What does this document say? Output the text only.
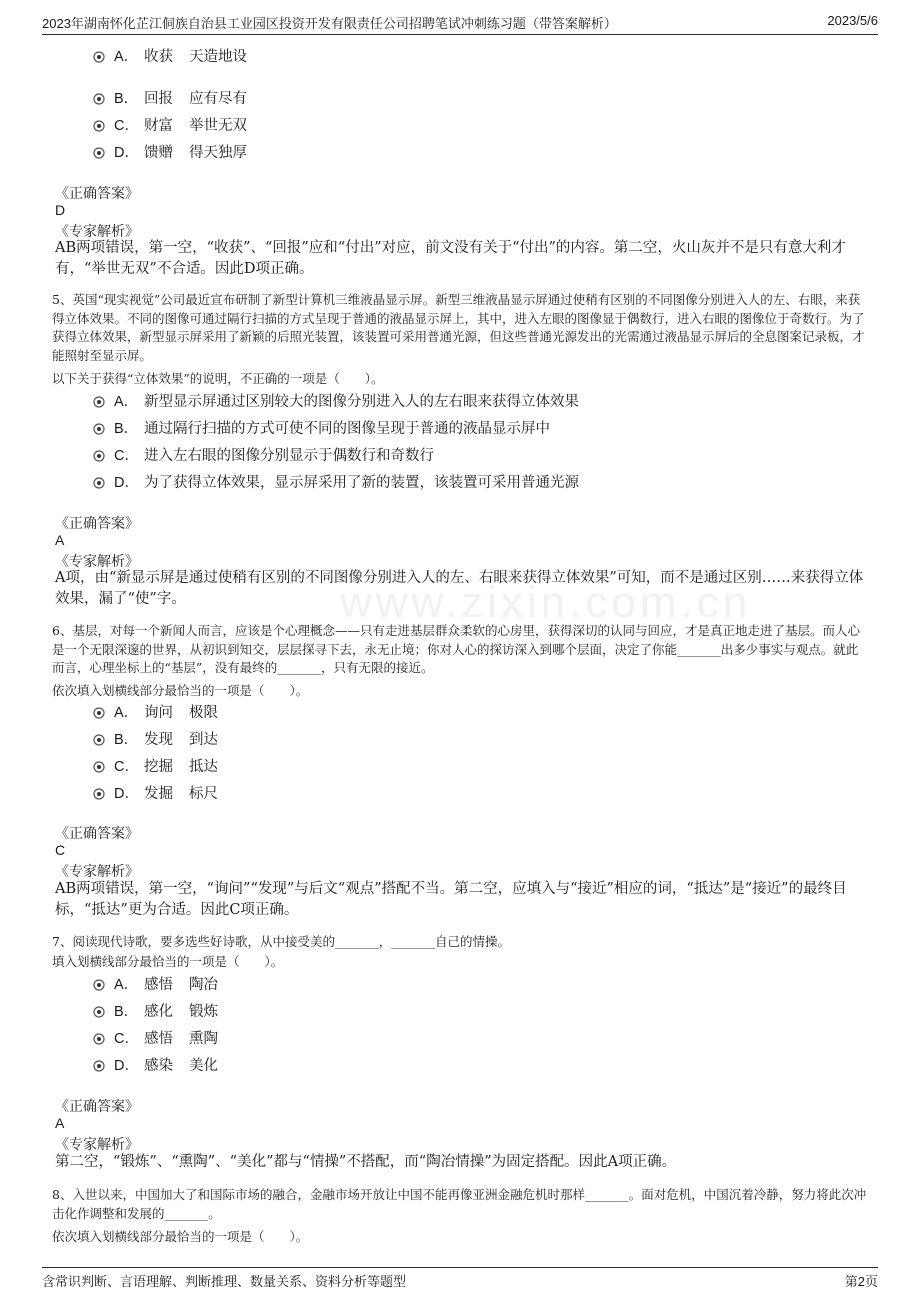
2023年湖南怀化芷江侗族自治县工业园区投资开发有限责任公司招聘笔试冲刺练习题（带答案解析）	2023/5/6
www.zixin.com.cn
A． 收获 天造地设
B． 回报 应有尽有
C． 财富 举世无双
D． 馈赠 得天独厚
《正确答案》
D
《专家解析》
AB两项错误，第一空，“收获”、“回报”应和“付出”对应，前文没有关于“付出”的内容。第二空，火山灰并不是只有意大利才有，“举世无双”不合适。因此D项正确。
5、英国“现实视觉”公司最近宣布研制了新型计算机三维液晶显示屏。新型三维液晶显示屏通过使稍有区别的不同图像分别进入人的左、右眼，来获得立体效果。不同的图像可通过隔行扫描的方式呈现于普通的液晶显示屏上，其中，进入左眼的图像显于偶数行，进入右眼的图像位于奇数行。为了获得立体效果，新型显示屏采用了新颖的后照光装置，该装置可采用普通光源，但这些普通光源发出的光需通过液晶显示屏后的全息图案记录板，才能照射至显示屏。
以下关于获得“立体效果”的说明，不正确的一项是（　　）。
A． 新型显示屏通过区别较大的图像分别进入人的左右眼来获得立体效果
B． 通过隔行扫描的方式可使不同的图像呈现于普通的液晶显示屏中
C． 进入左右眼的图像分别显示于偶数行和奇数行
D． 为了获得立体效果，显示屏采用了新的装置，该装置可采用普通光源
《正确答案》
A
《专家解析》
A项，由“新显示屏是通过使稍有区别的不同图像分别进入人的左、右眼来获得立体效果”可知，而不是通过区别……来获得立体效果，漏了“使”字。
6、基层，对每一个新闻人而言，应该是个心理概念——只有走进基层群众柔软的心房里，获得深切的认同与回应，才是真正地走进了基层。而人心是一个无限深邃的世界，从初识到知交，层层探寻下去，永无止境；你对人心的探访深入到哪个层面，决定了你能_______出多少事实与观点。就此而言，心理坐标上的“基层”，没有最终的_______，只有无限的接近。
依次填入划横线部分最恰当的一项是（　　）。
A． 询问 极限
B． 发现 到达
C． 挖掘 抵达
D． 发掘 标尺
《正确答案》
C
《专家解析》
AB两项错误，第一空，“询问”“发现”与后文“观点”搭配不当。第二空，应填入与“接近”相应的词，“抵达”是“接近”的最终目标，“抵达”更为合适。因此C项正确。
7、阅读现代诗歌，要多选些好诗歌，从中接受美的_______，_______自己的情操。
填入划横线部分最恰当的一项是（　　）。
A． 感悟 陶冶
B． 感化 锻炼
C． 感悟 熏陶
D． 感染 美化
《正确答案》
A
《专家解析》
第二空，“锻炼”、“熏陶”、“美化”都与“情操”不搭配，而“陶冶情操”为固定搭配。因此A项正确。
8、入世以来，中国加大了和国际市场的融合，金融市场开放让中国不能再像亚洲金融危机时那样_______。面对危机，中国沉着冷静，努力将此次冲击化作调整和发展的_______。
依次填入划横线部分最恰当的一项是（　　）。
含常识判断、言语理解、判断推理、数量关系、资料分析等题型	第2页
